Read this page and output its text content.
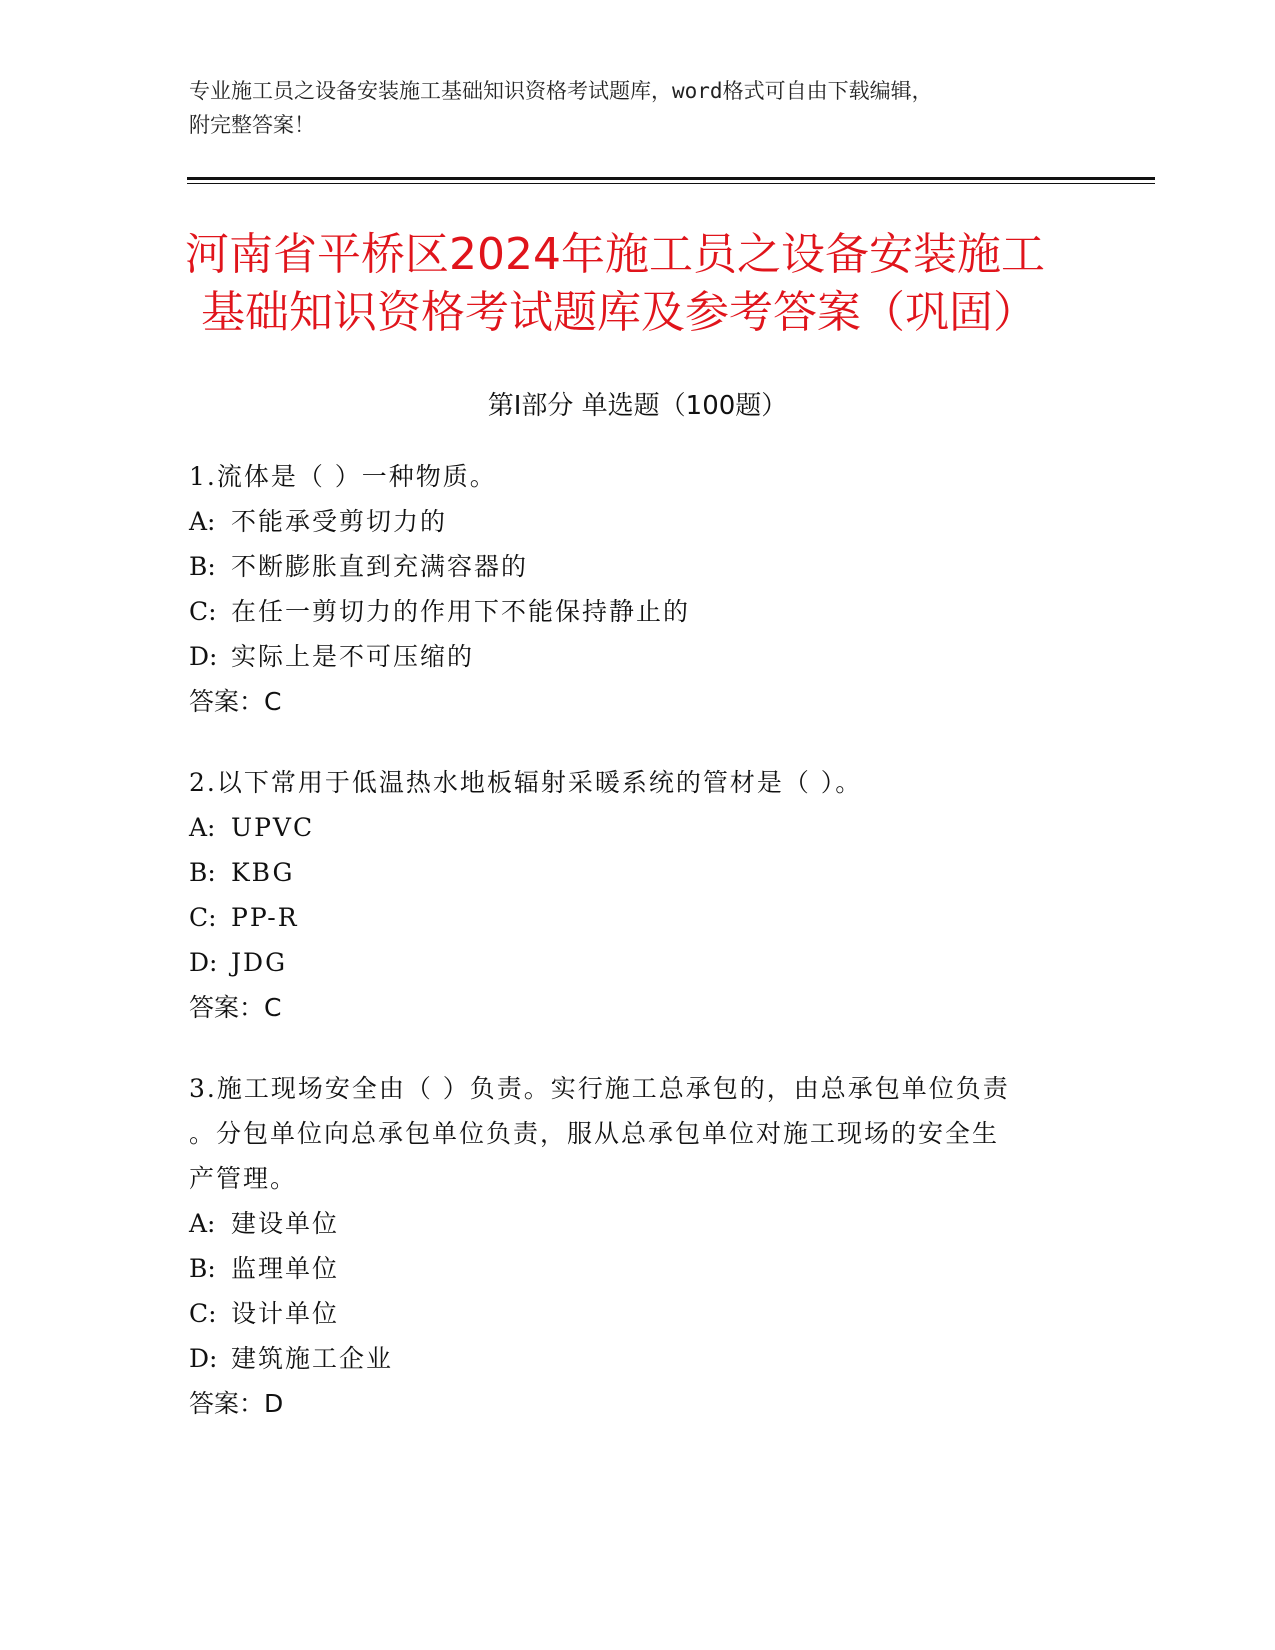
专业施工员之设备安装施工基础知识资格考试题库，word格式可自由下载编辑，
附完整答案！
河南省平桥区2024年施工员之设备安装施工
基础知识资格考试题库及参考答案（巩固）
第Ⅰ部分 单选题（100题）
1.流体是（ ）一种物质。
A: 不能承受剪切力的
B: 不断膨胀直到充满容器的
C: 在任一剪切力的作用下不能保持静止的
D: 实际上是不可压缩的
答案：C
2.以下常用于低温热水地板辐射采暖系统的管材是（ ）。
A: UPVC
B: KBG
C: PP-R
D: JDG
答案：C
3.施工现场安全由（ ）负责。实行施工总承包的，由总承包单位负责
。分包单位向总承包单位负责，服从总承包单位对施工现场的安全生
产管理。
A: 建设单位
B: 监理单位
C: 设计单位
D: 建筑施工企业
答案：D
